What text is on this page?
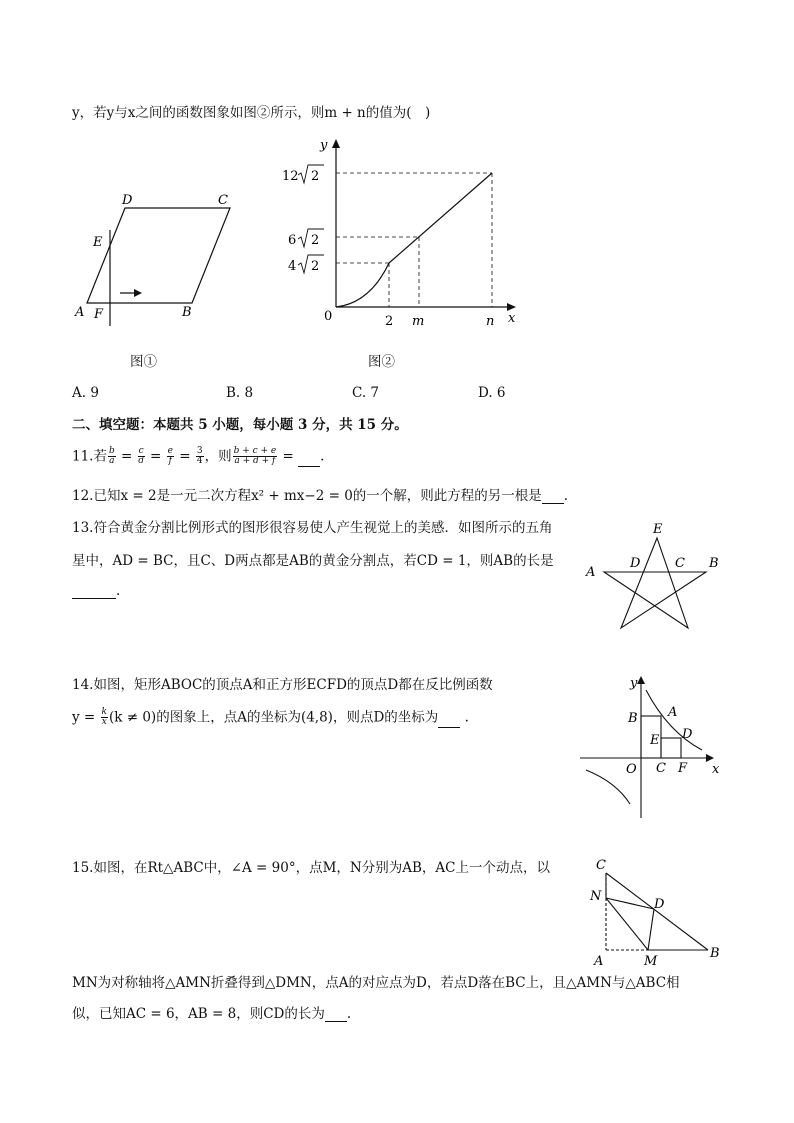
y，若y与x之间的函数图象如图②所示，则m + n的值为(　)
D	C
E
A F	B
图①
y
x
0	2 m	n
12 2
6 2
4 2
图②
A. 9	B. 8	C. 7	D. 6
二、填空题：本题共 5 小题，每小题 3 分，共 15 分。
11.若 $\frac{b}{a} = \frac{c}{d} = \frac{e}{f} = \frac{3}{4}$ ，则 $\frac{b + c + e}{a + d + f}$ = .
12.已知x = 2是一元二次方程x² + mx−2 = 0的一个解，则此方程的另一根是 .
13.符合黄金分割比例形式的图形很容易使人产生视觉上的美感．如图所示的五角
星中，AD = BC，且C、D两点都是AB的黄金分割点，若CD = 1，则AB的长是
.
E
A
D	C B
14.如图，矩形ABOC的顶点A和正方形ECFD的顶点D都在反比例函数
$y = \frac{k}{x} (k \ne 0)$的图象上，点A的坐标为(4,8)，则点D的坐标为 .
y
x
O
B A
E D
C F
15.如图，在Rt△ABC中，∠A = 90°，点M，N分别为AB，AC上一个动点，以
MN为对称轴将△AMN折叠得到△DMN，点A的对应点为D，若点D落在BC上，且△AMN与△ABC相
似，已知AC = 6，AB = 8，则CD的长为 .
C
N
D
A	M
B
